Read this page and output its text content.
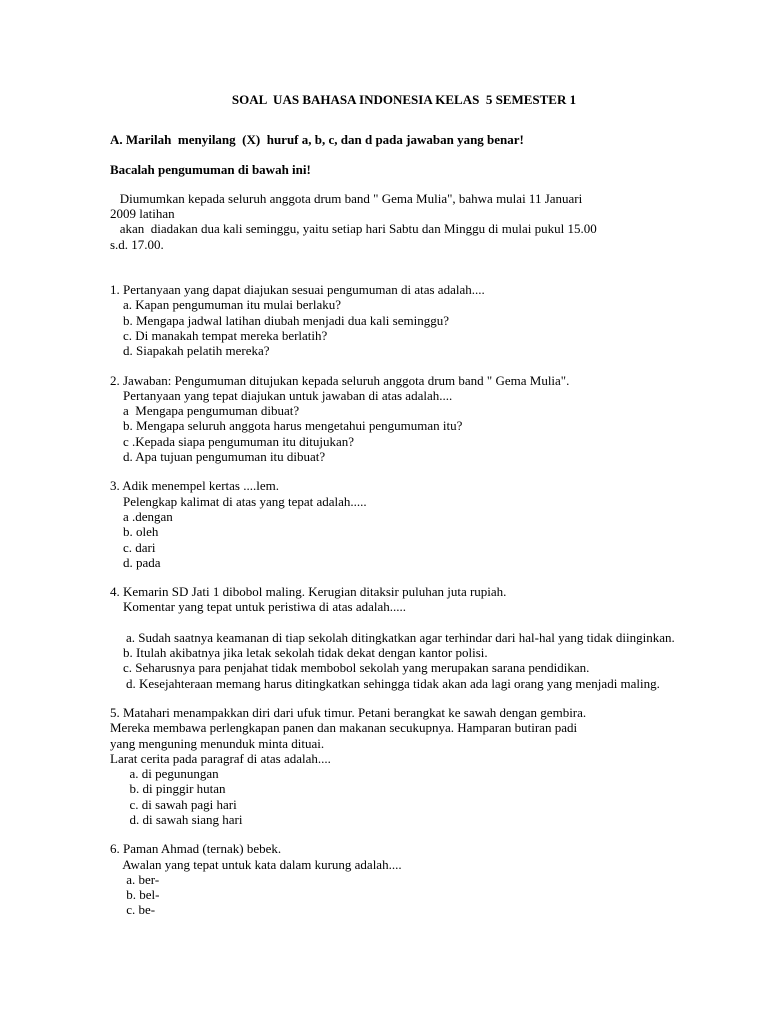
SOAL  UAS BAHASA INDONESIA KELAS  5 SEMESTER 1

A. Marilah  menyilang  (X)  huruf a, b, c, dan d pada jawaban yang benar!

Bacalah pengumuman di bawah ini!

Diumumkan kepada seluruh anggota drum band " Gema Mulia", bahwa mulai 11 Januari

2009 latihan

akan  diadakan dua kali seminggu, yaitu setiap hari Sabtu dan Minggu di mulai pukul 15.00

s.d. 17.00.

1. Pertanyaan yang dapat diajukan sesuai pengumuman di atas adalah....

a. Kapan pengumuman itu mulai berlaku?

b. Mengapa jadwal latihan diubah menjadi dua kali seminggu?

c. Di manakah tempat mereka berlatih?

d. Siapakah pelatih mereka?

2. Jawaban: Pengumuman ditujukan kepada seluruh anggota drum band " Gema Mulia".

Pertanyaan yang tepat diajukan untuk jawaban di atas adalah....

a  Mengapa pengumuman dibuat?

b. Mengapa seluruh anggota harus mengetahui pengumuman itu?

c .Kepada siapa pengumuman itu ditujukan?

d. Apa tujuan pengumuman itu dibuat?

3. Adik menempel kertas ....lem.

Pelengkap kalimat di atas yang tepat adalah.....

a .dengan

b. oleh

c. dari

d. pada

4. Kemarin SD Jati 1 dibobol maling. Kerugian ditaksir puluhan juta rupiah.

Komentar yang tepat untuk peristiwa di atas adalah.....

a. Sudah saatnya keamanan di tiap sekolah ditingkatkan agar terhindar dari hal-hal yang tidak diinginkan.

b. Itulah akibatnya jika letak sekolah tidak dekat dengan kantor polisi.

c. Seharusnya para penjahat tidak membobol sekolah yang merupakan sarana pendidikan.

d. Kesejahteraan memang harus ditingkatkan sehingga tidak akan ada lagi orang yang menjadi maling.

5. Matahari menampakkan diri dari ufuk timur. Petani berangkat ke sawah dengan gembira.

Mereka membawa perlengkapan panen dan makanan secukupnya. Hamparan butiran padi

yang menguning menunduk minta dituai.

Larat cerita pada paragraf di atas adalah....

a. di pegunungan

b. di pinggir hutan

c. di sawah pagi hari

d. di sawah siang hari

6. Paman Ahmad (ternak) bebek.

Awalan yang tepat untuk kata dalam kurung adalah....

a. ber-

b. bel-

c. be-
